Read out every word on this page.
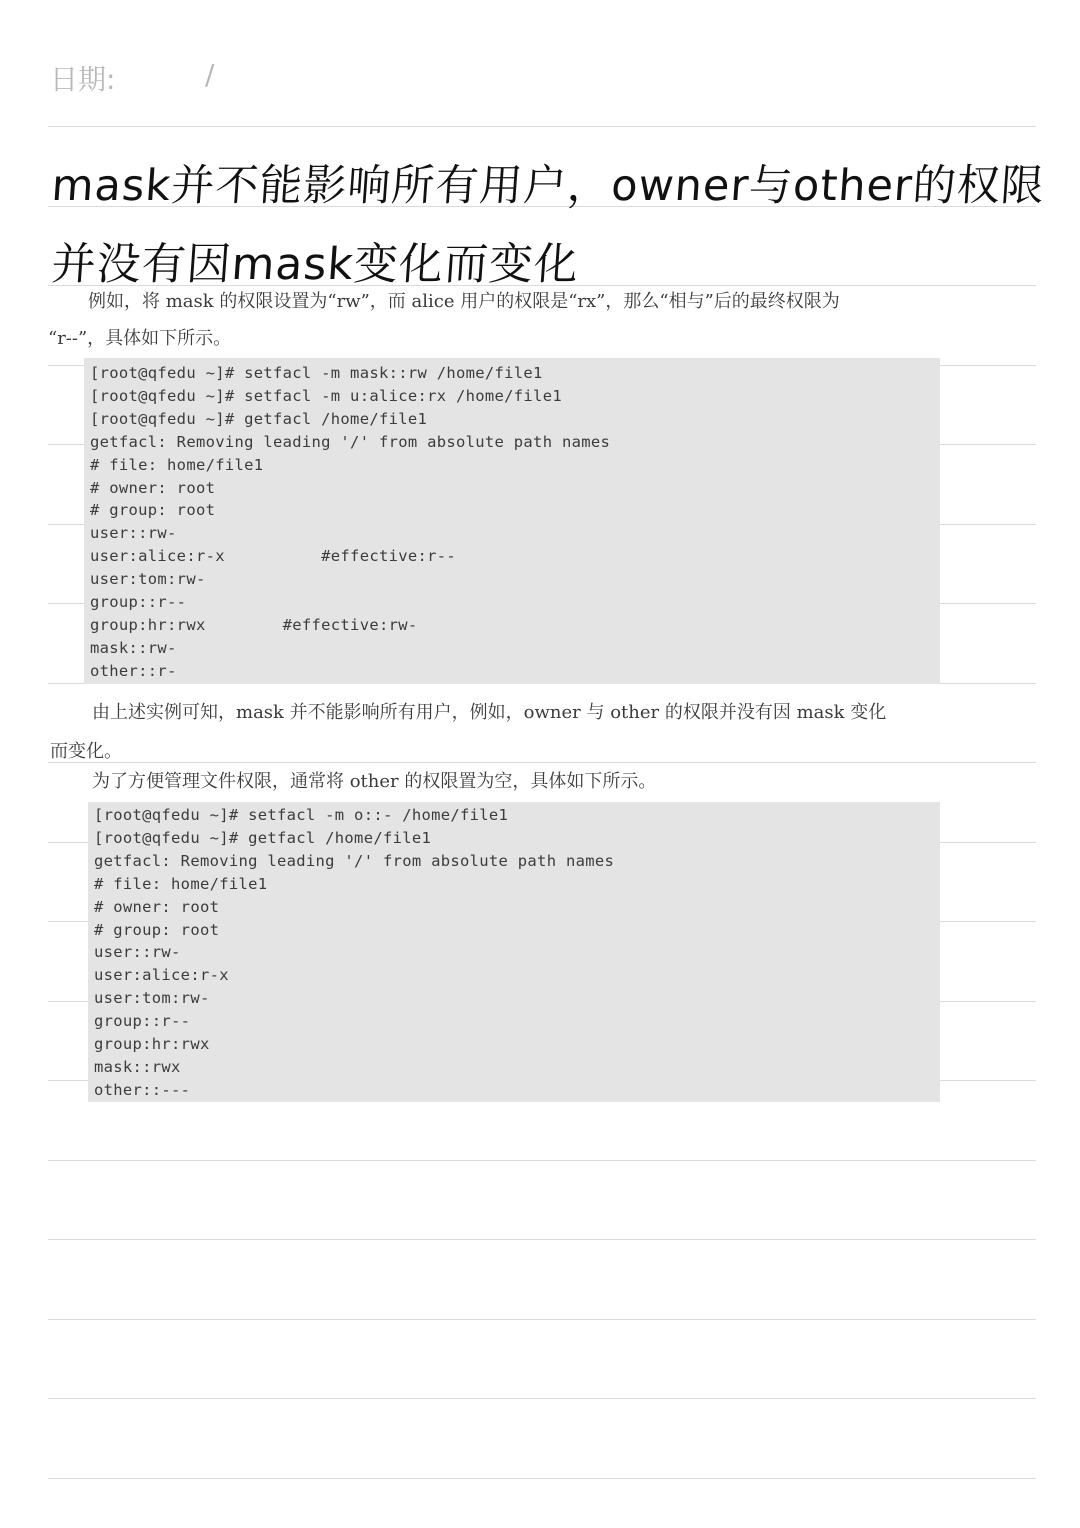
日期:	/
mask并不能影响所有用户，owner与other的权限
并没有因mask变化而变化
例如，将 mask 的权限设置为“rw”，而 alice 用户的权限是“rx”，那么“相与”后的最终权限为
“r--”，具体如下所示。
[root@qfedu ~]# setfacl -m mask::rw /home/file1
[root@qfedu ~]# setfacl -m u:alice:rx /home/file1
[root@qfedu ~]# getfacl /home/file1
getfacl: Removing leading '/' from absolute path names
# file: home/file1
# owner: root
# group: root
user::rw-
user:alice:r-x          #effective:r--
user:tom:rw-
group::r--
group:hr:rwx        #effective:rw-
mask::rw-
other::r-
由上述实例可知，mask 并不能影响所有用户，例如，owner 与 other 的权限并没有因 mask 变化
而变化。
为了方便管理文件权限，通常将 other 的权限置为空，具体如下所示。
[root@qfedu ~]# setfacl -m o::- /home/file1
[root@qfedu ~]# getfacl /home/file1
getfacl: Removing leading '/' from absolute path names
# file: home/file1
# owner: root
# group: root
user::rw-
user:alice:r-x
user:tom:rw-
group::r--
group:hr:rwx
mask::rwx
other::---
